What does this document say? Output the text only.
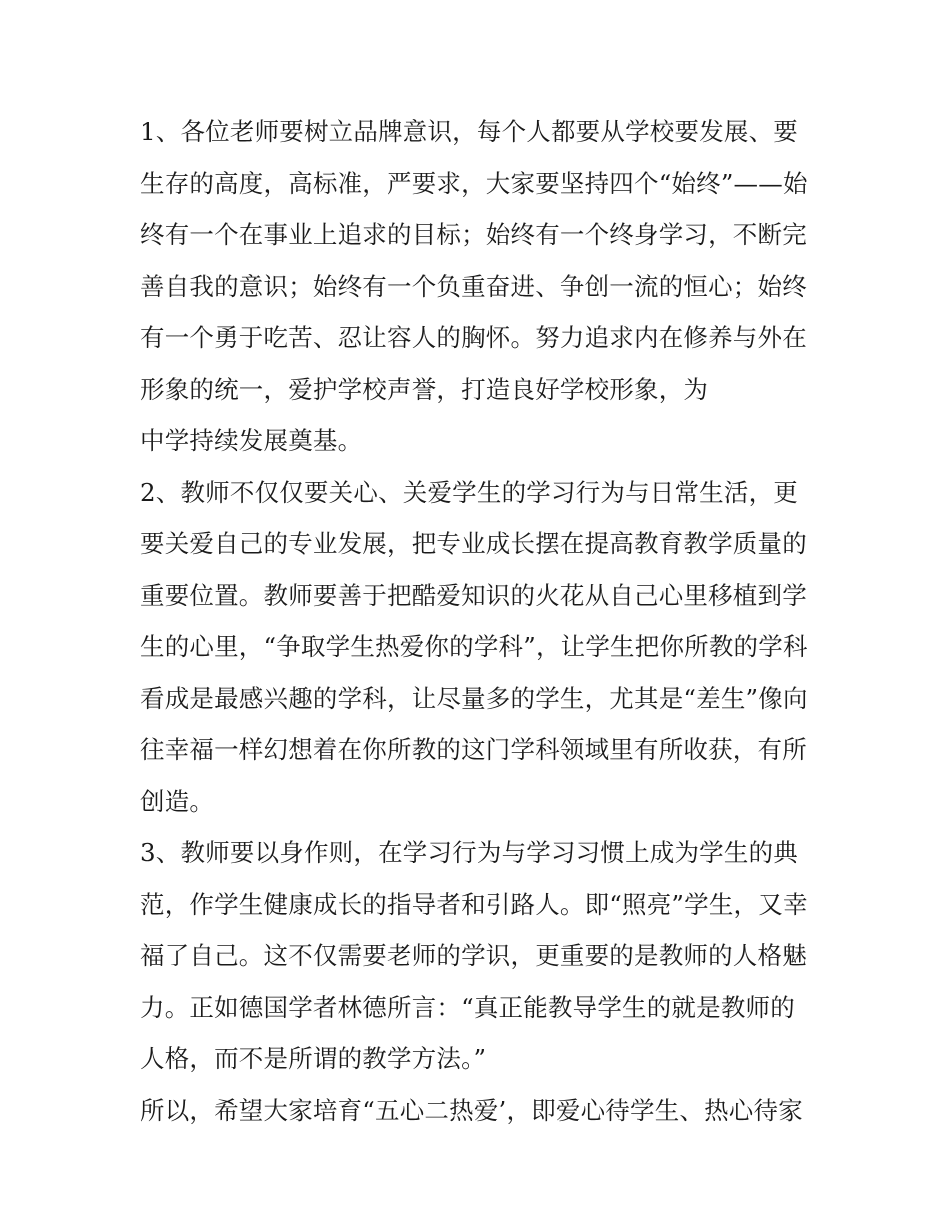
1、各位老师要树立品牌意识，每个人都要从学校要发展、要
生存的高度，高标准，严要求，大家要坚持四个“始终”——始
终有一个在事业上追求的目标；始终有一个终身学习，不断完
善自我的意识；始终有一个负重奋进、争创一流的恒心；始终
有一个勇于吃苦、忍让容人的胸怀。努力追求内在修养与外在
形象的统一，爱护学校声誉，打造良好学校形象，为
中学持续发展奠基。
2、教师不仅仅要关心、关爱学生的学习行为与日常生活，更
要关爱自己的专业发展，把专业成长摆在提高教育教学质量的
重要位置。教师要善于把酷爱知识的火花从自己心里移植到学
生的心里，“争取学生热爱你的学科”，让学生把你所教的学科
看成是最感兴趣的学科，让尽量多的学生，尤其是“差生”像向
往幸福一样幻想着在你所教的这门学科领域里有所收获，有所
创造。
3、教师要以身作则，在学习行为与学习习惯上成为学生的典
范，作学生健康成长的指导者和引路人。即“照亮”学生，又幸
福了自己。这不仅需要老师的学识，更重要的是教师的人格魅
力。正如德国学者林德所言：“真正能教导学生的就是教师的
人格，而不是所谓的教学方法。”
所以，希望大家培育“五心二热爱’，即爱心待学生、热心待家
